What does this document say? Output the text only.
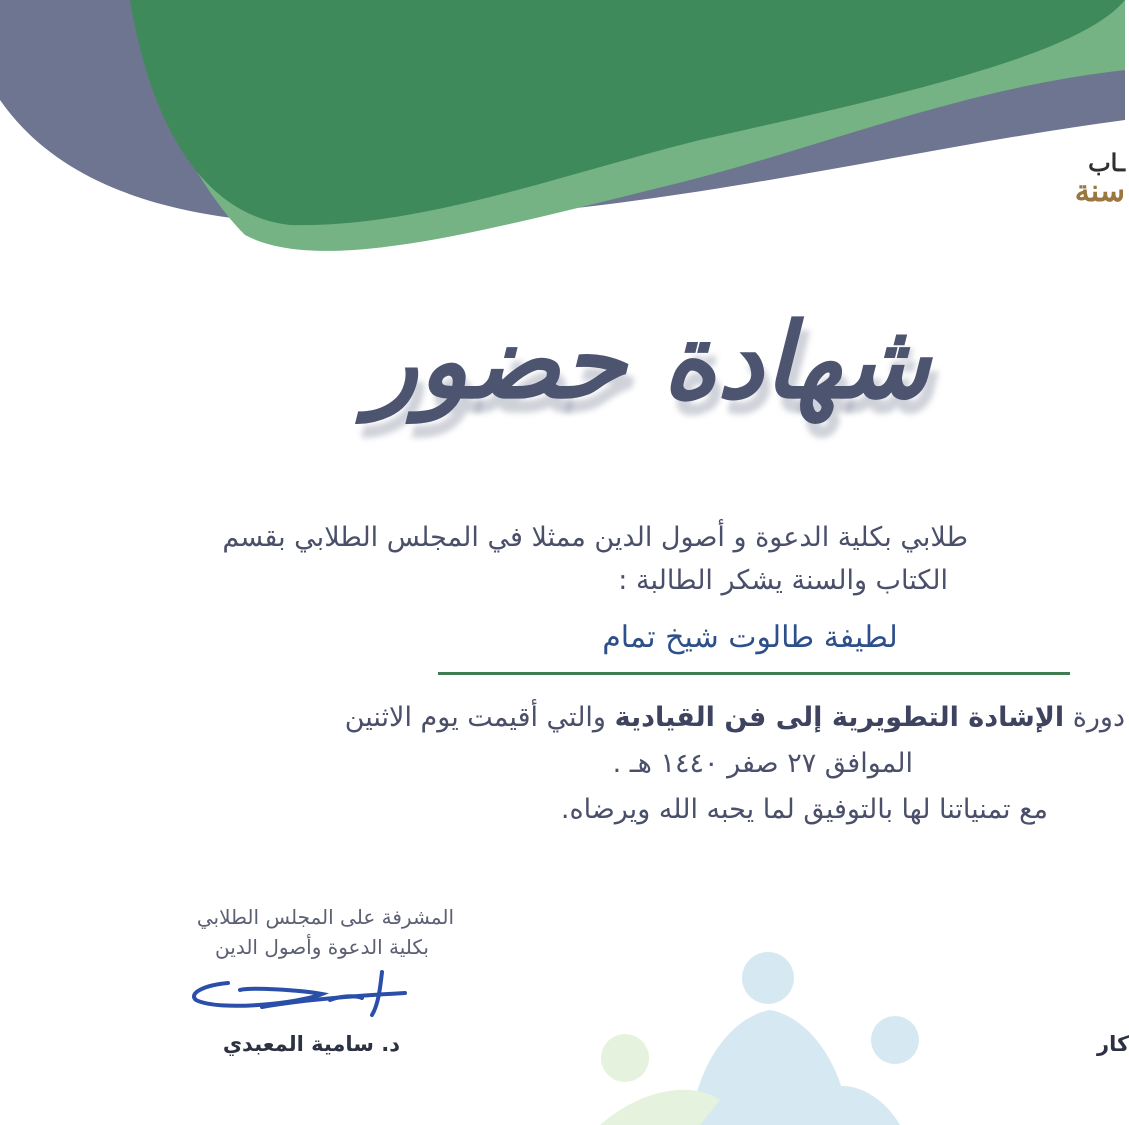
ـاب
سنة
شهادة حضور
طلابي بكلية الدعوة و أصول الدين ممثلا في المجلس الطلابي بقسم
الكتاب والسنة يشكر الطالبة :
لطيفة طالوت شيخ تمام
دورة الإشادة التطويرية إلى فن القيادية والتي أقيمت يوم الاثنين
الموافق ٢٧ صفر ١٤٤٠ هـ .
مع تمنياتنا لها بالتوفيق لما يحبه الله ويرضاه.
المشرفة على المجلس الطلابي
بكلية الدعوة وأصول الدين
د. سامية المعبدي	كار
